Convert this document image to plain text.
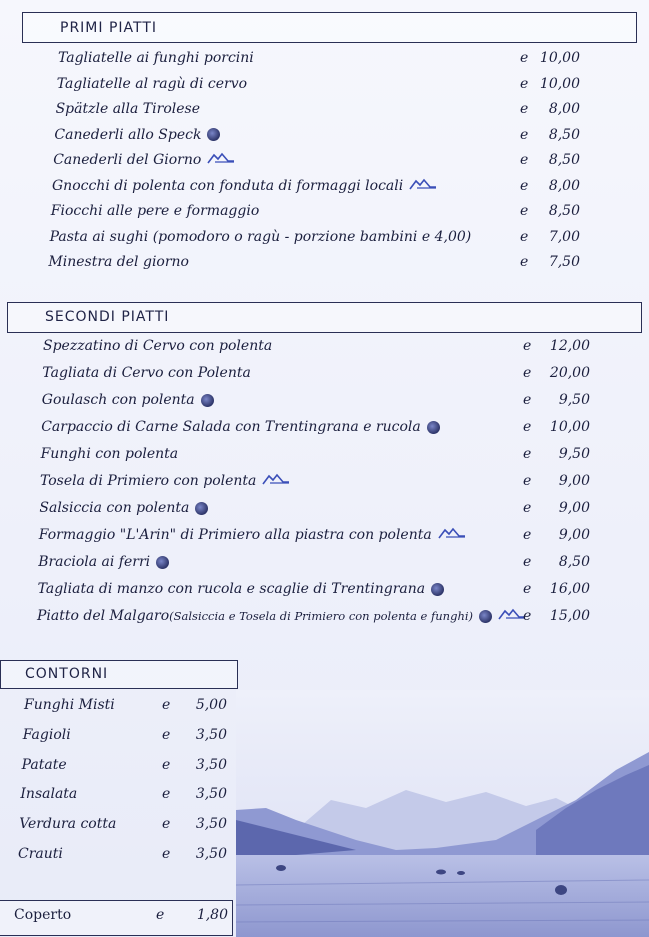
PRIMI PIATTI
Tagliatelle ai funghi porcini	e 10,00
Tagliatelle al ragù di cervo	e 10,00
Spätzle alla Tirolese	e	8,00
Canederli allo Speck	e	8,50
Canederli del Giorno	e	8,50
Gnocchi di polenta con fonduta di formaggi locali	e	8,00
Fiocchi alle pere e formaggio	e	8,50
Pasta ai sughi (pomodoro o ragù - porzione bambini e 4,00)	e	7,00
Minestra del giorno	e	7,50
SECONDI PIATTI
Spezzatino di Cervo con polenta	e	12,00
Tagliata di Cervo con Polenta	e	20,00
Goulasch con polenta	e	9,50
Carpaccio di Carne Salada con Trentingrana e rucola	e	10,00
Funghi con polenta	e	9,50
Tosela di Primiero con polenta	e	9,00
Salsiccia con polenta	e	9,00
Formaggio "L'Arin" di Primiero alla piastra con polenta	e	9,00
Braciola ai ferri	e	8,50
Tagliata di manzo con rucola e scaglie di Trentingrana	e	16,00
Piatto del Malgaro(Salsiccia e Tosela di Primiero con polenta e funghi)	e	15,00
CONTORNI
Funghi Misti	e	5,00
Fagioli	e	3,50
Patate	e	3,50
Insalata	e	3,50
Verdura cotta	e	3,50
Crauti	e	3,50
Coperto	e	1,80
